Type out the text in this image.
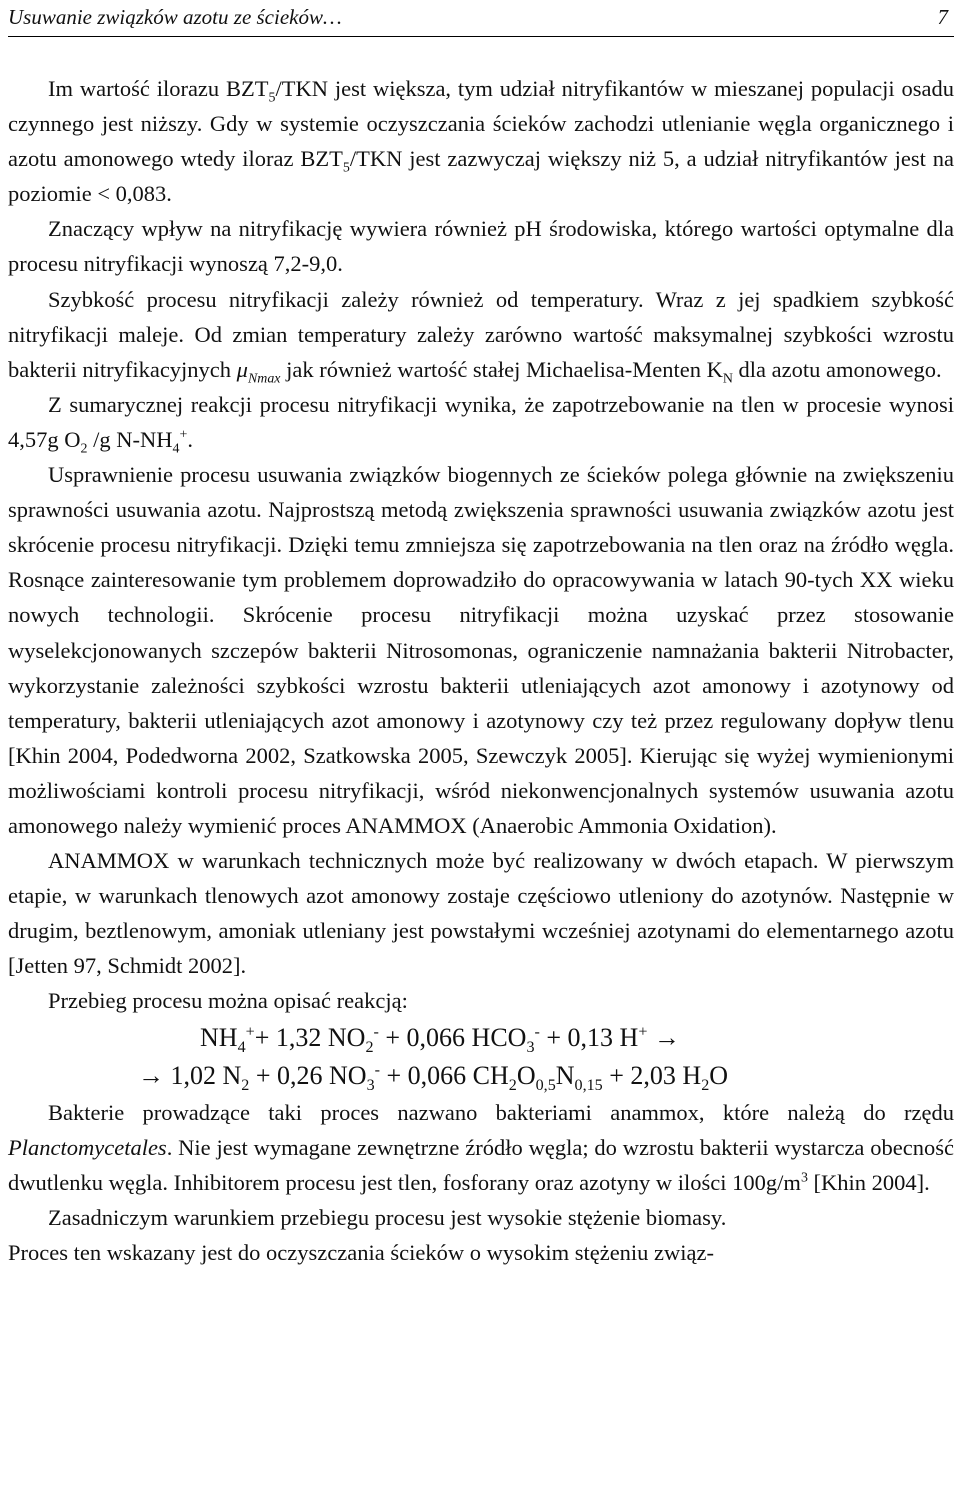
Usuwanie związków azotu ze ścieków…	7

Im wartość ilorazu $BZT_5$/TKN jest większa, tym udział nitryfikantów w mieszanej populacji osadu czynnego jest niższy. Gdy w systemie oczyszczania ścieków zachodzi utlenianie węgla organicznego i azotu amonowego wtedy iloraz $BZT_5$/TKN jest zazwyczaj większy niż 5, a udział nitryfikantów jest na poziomie < 0,083.

Znaczący wpływ na nitryfikację wywiera również pH środowiska, którego wartości optymalne dla procesu nitryfikacji wynoszą 7,2-9,0.

Szybkość procesu nitryfikacji zależy również od temperatury. Wraz z jej spadkiem szybkość nitryfikacji maleje. Od zmian temperatury zależy zarówno wartość maksymalnej szybkości wzrostu bakterii nitryfikacyjnych $\mu_{Nmax}$ jak również wartość stałej Michaelisa-Menten $K_N$ dla azotu amonowego.

Z sumarycznej reakcji procesu nitryfikacji wynika, że zapotrzebowanie na tlen w procesie wynosi 4,57g $O_2$ /g $N-NH_4^+$.

Usprawnienie procesu usuwania związków biogennych ze ścieków polega głównie na zwiększeniu sprawności usuwania azotu. Najprostszą metodą zwiększenia sprawności usuwania związków azotu jest skrócenie procesu nitryfikacji. Dzięki temu zmniejsza się zapotrzebowania na tlen oraz na źródło węgla. Rosnące zainteresowanie tym problemem doprowadziło do opracowywania w latach 90-tych XX wieku nowych technologii. Skrócenie procesu nitryfikacji można uzyskać przez stosowanie wyselekcjonowanych szczepów bakterii Nitrosomonas, ograniczenie namnażania bakterii Nitrobacter, wykorzystanie zależności szybkości wzrostu bakterii utleniających azot amonowy i azotynowy od temperatury, bakterii utleniających azot amonowy i azotynowy czy też przez regulowany dopływ tlenu [Khin 2004, Podedworna 2002, Szatkowska 2005, Szewczyk 2005]. Kierując się wyżej wymienionymi możliwościami kontroli procesu nitryfikacji, wśród niekonwencjonalnych systemów usuwania azotu amonowego należy wymienić proces ANAMMOX (Anaerobic Ammonia Oxidation).

ANAMMOX w warunkach technicznych może być realizowany w dwóch etapach. W pierwszym etapie, w warunkach tlenowych azot amonowy zostaje częściowo utleniony do azotynów. Następnie w drugim, beztlenowym, amoniak utleniany jest powstałymi wcześniej azotynami do elementarnego azotu [Jetten 97, Schmidt 2002].

Przebieg procesu można opisać reakcją:

$NH_4^++ 1,32$ $NO_2^- + 0,066$ $HCO_3^- + 0,13$ H+ →

→ 1,02 $N_2 + 0,26$ $NO_3^- + 0,066$ $CH_2O_{0,5}N_{0,15} + 2,03$ $H_2O$

Bakterie prowadzące taki proces nazwano bakteriami anammox, które należą do rzędu Planctomycetales. Nie jest wymagane zewnętrzne źródło węgla; do wzrostu bakterii wystarcza obecność dwutlenku węgla. Inhibitorem procesu jest tlen, fosforany oraz azotyny w ilości $100g/m^3$ [Khin 2004].

Zasadniczym warunkiem przebiegu procesu jest wysokie stężenie biomasy.

Proces ten wskazany jest do oczyszczania ścieków o wysokim stężeniu związ-
